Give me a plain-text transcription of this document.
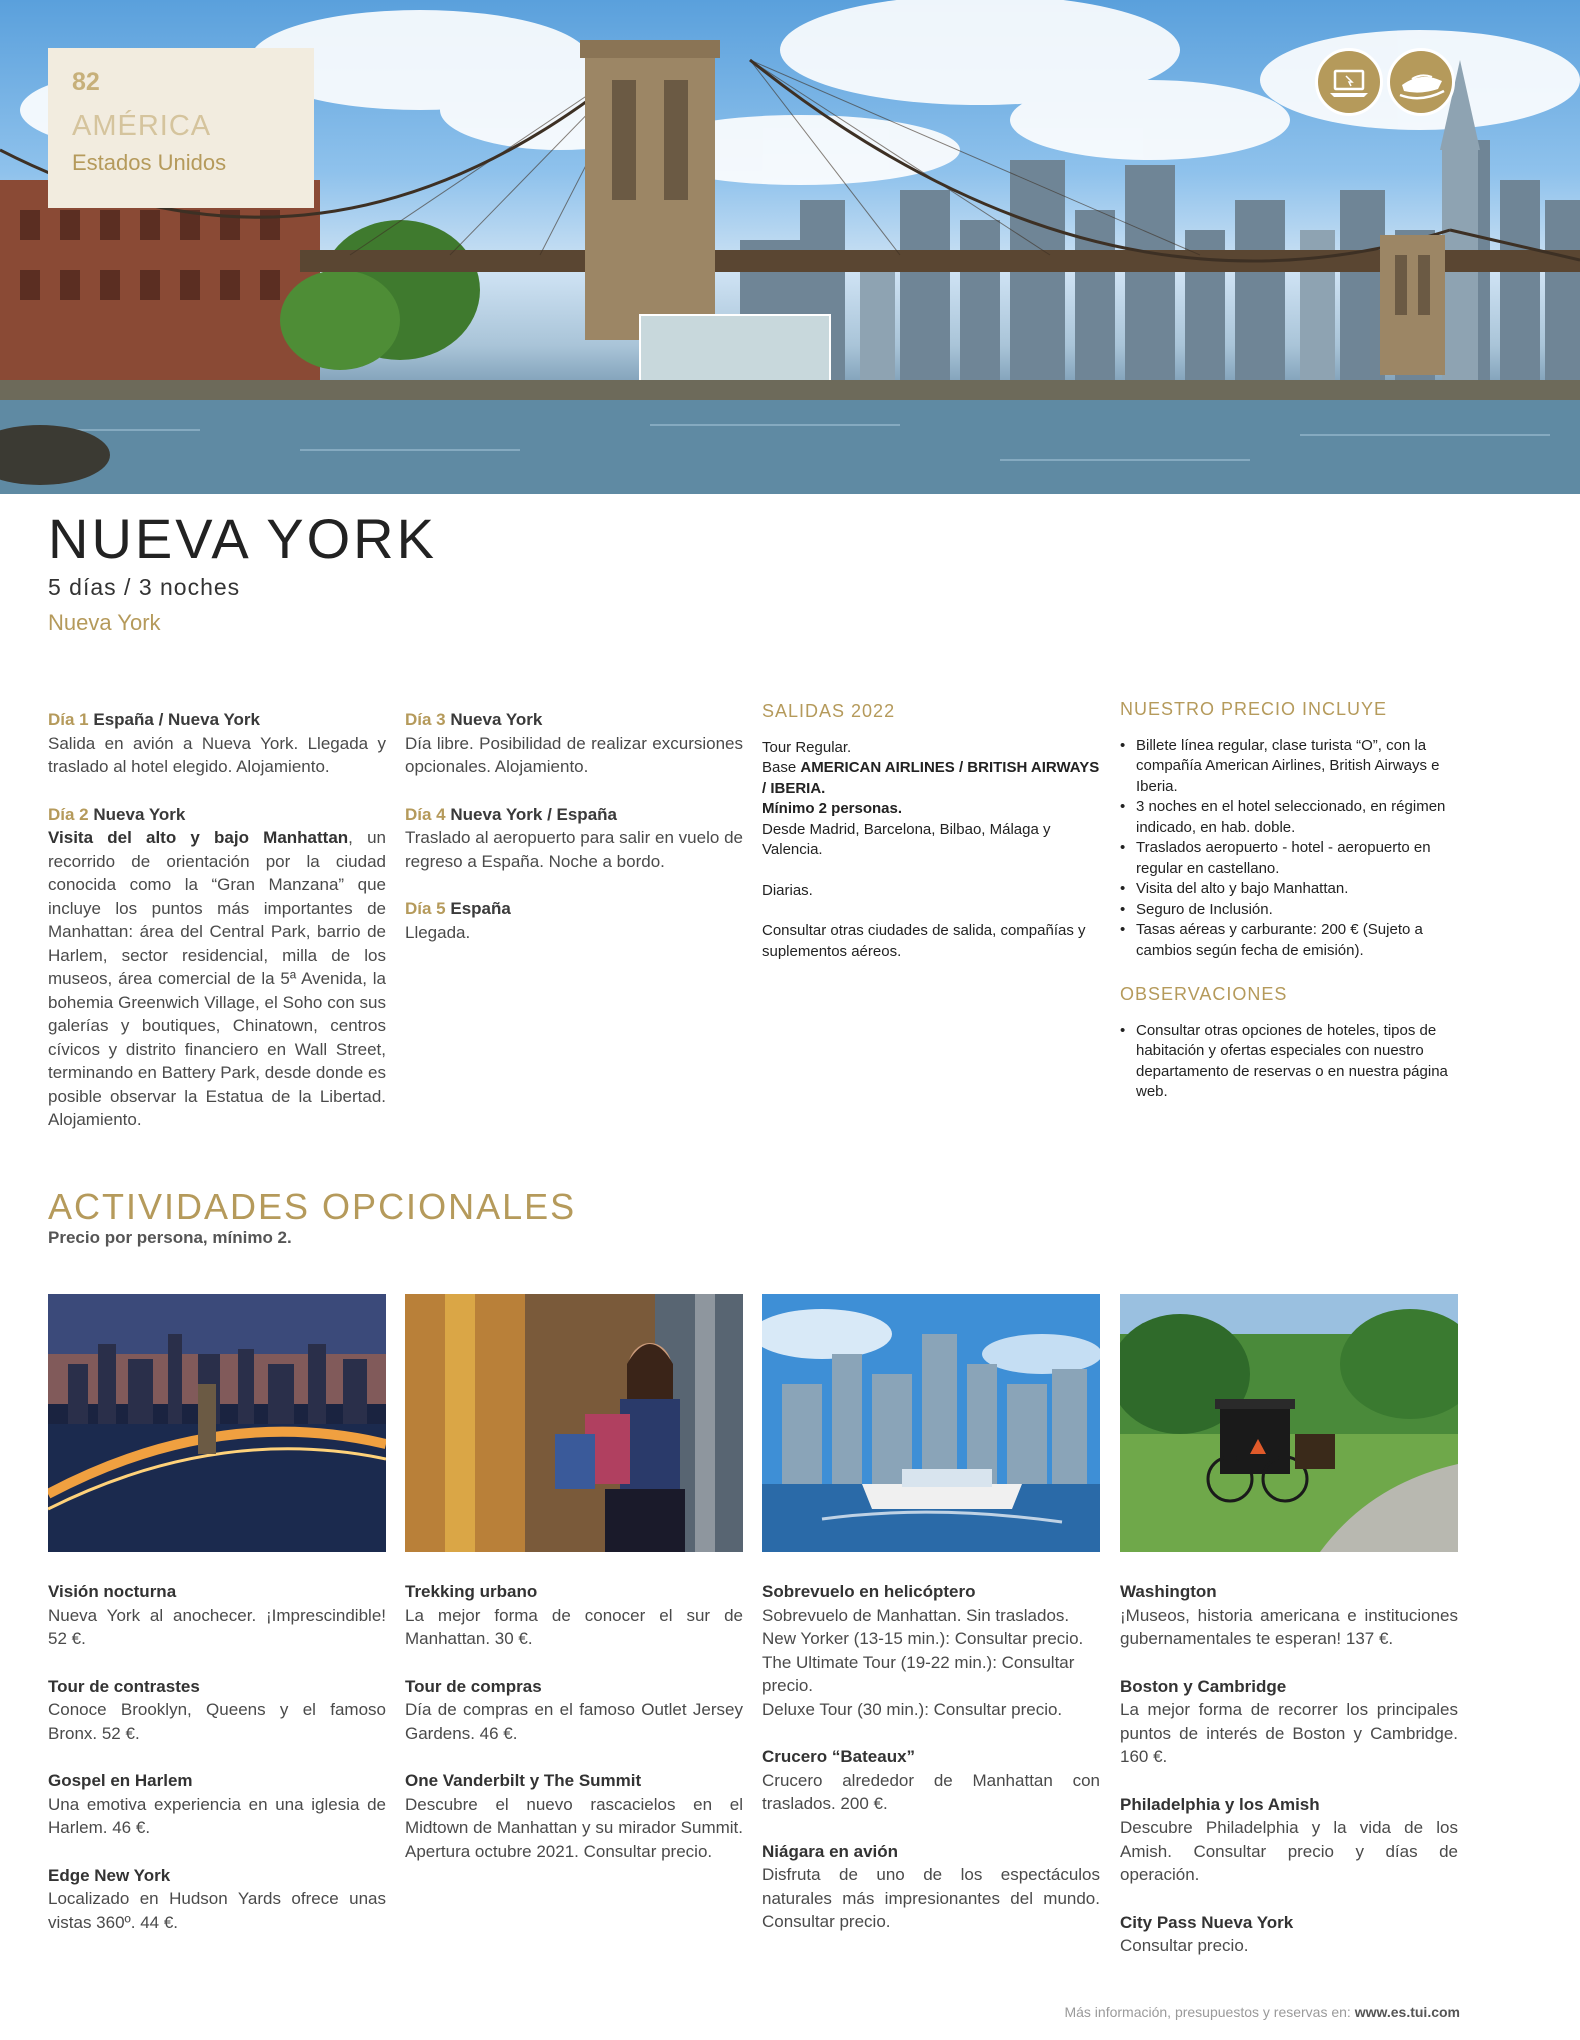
82
AMÉRICA
Estados Unidos
NUEVA YORK
5 días / 3 noches
Nueva York
Día 1 España / Nueva York
Salida en avión a Nueva York. Llegada y traslado al hotel elegido. Alojamiento.
Día 2 Nueva York
Visita del alto y bajo Manhattan, un recorrido de orientación por la ciudad conocida como la “Gran Manzana” que incluye los puntos más importantes de Manhattan: área del Central Park, barrio de Harlem, sector residencial, milla de los museos, área comercial de la 5ª Avenida, la bohemia Greenwich Village, el Soho con sus galerías y boutiques, Chinatown, centros cívicos y distrito financiero en Wall Street, terminando en Battery Park, desde donde es posible observar la Estatua de la Libertad. Alojamiento.
Día 3 Nueva York
Día libre. Posibilidad de realizar excursiones opcionales. Alojamiento.
Día 4 Nueva York / España
Traslado al aeropuerto para salir en vuelo de regreso a España. Noche a bordo.
Día 5 España
Llegada.
SALIDAS 2022
Tour Regular.
Base AMERICAN AIRLINES / BRITISH AIRWAYS / IBERIA.
Mínimo 2 personas.
Desde Madrid, Barcelona, Bilbao, Málaga y Valencia.
Diarias.
Consultar otras ciudades de salida, compañías y suplementos aéreos.
NUESTRO PRECIO INCLUYE
• Billete línea regular, clase turista “O”, con la compañía American Airlines, British Airways e Iberia.
• 3 noches en el hotel seleccionado, en régimen indicado, en hab. doble.
• Traslados aeropuerto - hotel - aeropuerto en regular en castellano.
• Visita del alto y bajo Manhattan.
• Seguro de Inclusión.
• Tasas aéreas y carburante: 200 € (Sujeto a cambios según fecha de emisión).
OBSERVACIONES
• Consultar otras opciones de hoteles, tipos de habitación y ofertas especiales con nuestro departamento de reservas o en nuestra página web.
ACTIVIDADES OPCIONALES
Precio por persona, mínimo 2.
Visión nocturna
Nueva York al anochecer. ¡Imprescindible! 52 €.
Tour de contrastes
Conoce Brooklyn, Queens y el famoso Bronx. 52 €.
Gospel en Harlem
Una emotiva experiencia en una iglesia de Harlem. 46 €.
Edge New York
Localizado en Hudson Yards ofrece unas vistas 360º. 44 €.
Trekking urbano
La mejor forma de conocer el sur de Manhattan. 30 €.
Tour de compras
Día de compras en el famoso Outlet Jersey Gardens. 46 €.
One Vanderbilt y The Summit
Descubre el nuevo rascacielos en el Midtown de Manhattan y su mirador Summit. Apertura octubre 2021. Consultar precio.
Sobrevuelo en helicóptero
Sobrevuelo de Manhattan. Sin traslados.
New Yorker (13-15 min.): Consultar precio.
The Ultimate Tour (19-22 min.): Consultar precio.
Deluxe Tour (30 min.): Consultar precio.
Crucero “Bateaux”
Crucero alrededor de Manhattan con traslados. 200 €.
Niágara en avión
Disfruta de uno de los espectáculos naturales más impresionantes del mundo. Consultar precio.
Washington
¡Museos, historia americana e instituciones gubernamentales te esperan! 137 €.
Boston y Cambridge
La mejor forma de recorrer los principales puntos de interés de Boston y Cambridge. 160 €.
Philadelphia y los Amish
Descubre Philadelphia y la vida de los Amish. Consultar precio y días de operación.
City Pass Nueva York
Consultar precio.
Más información, presupuestos y reservas en: www.es.tui.com
